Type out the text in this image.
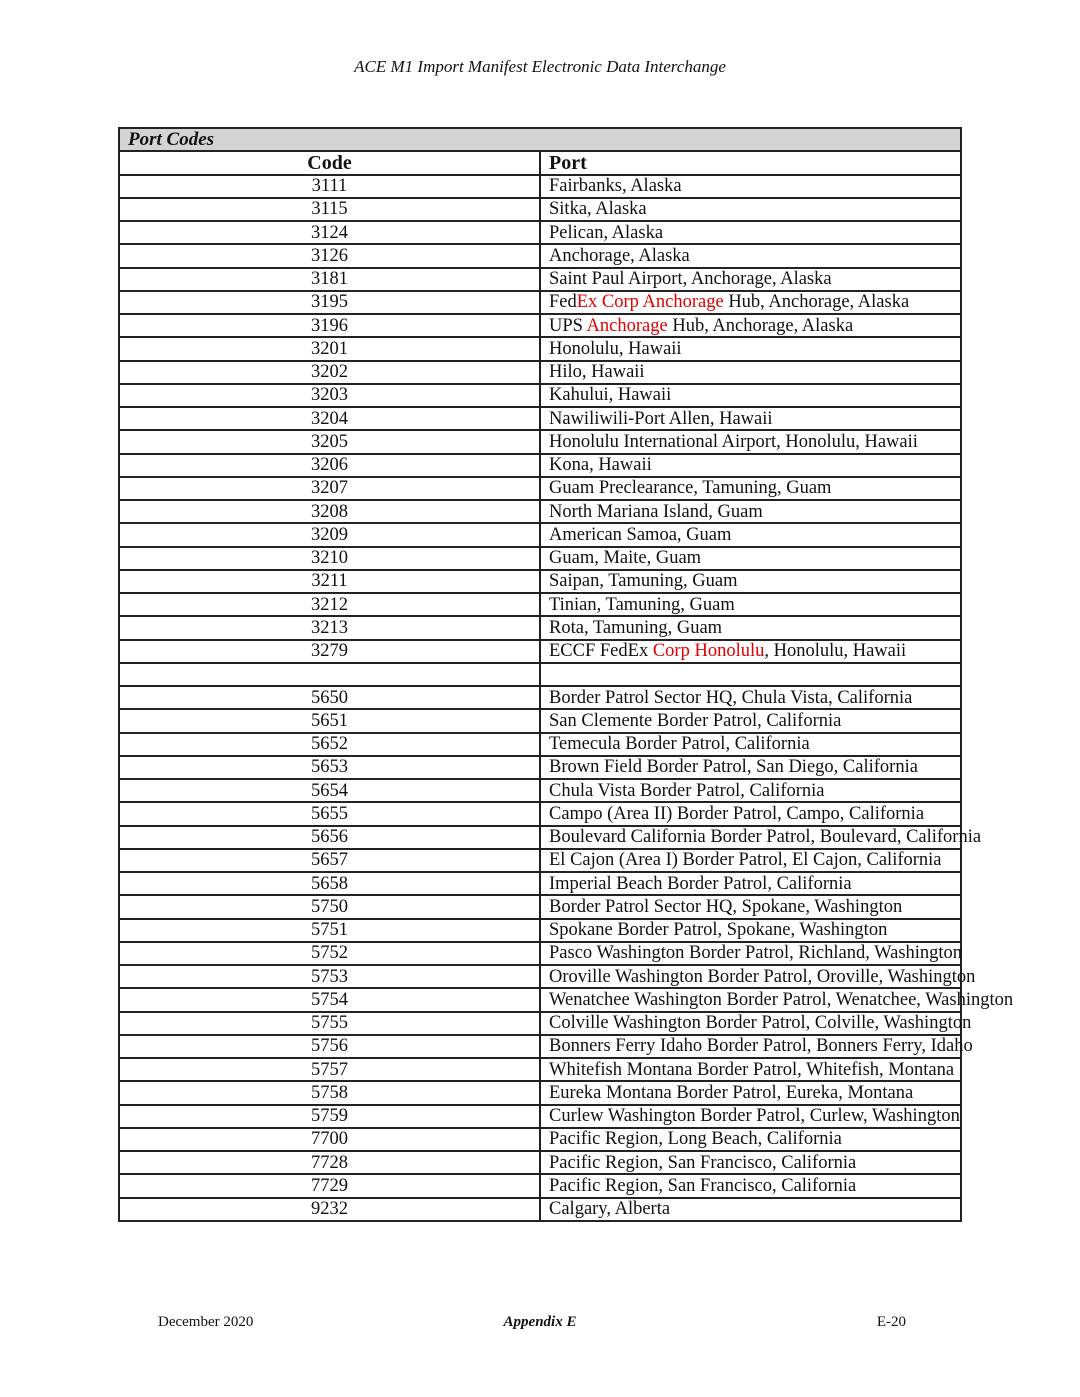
ACE M1 Import Manifest Electronic Data Interchange
Port Codes	
Code	Port
3111	Fairbanks, Alaska
3115	Sitka, Alaska
3124	Pelican, Alaska
3126	Anchorage, Alaska
3181	Saint Paul Airport, Anchorage, Alaska
3195	FedEx Corp Anchorage Hub, Anchorage, Alaska
3196	UPS Anchorage Hub, Anchorage, Alaska
3201	Honolulu, Hawaii
3202	Hilo, Hawaii
3203	Kahului, Hawaii
3204	Nawiliwili-Port Allen, Hawaii
3205	Honolulu International Airport, Honolulu, Hawaii
3206	Kona, Hawaii
3207	Guam Preclearance, Tamuning, Guam
3208	North Mariana Island, Guam
3209	American Samoa, Guam
3210	Guam, Maite, Guam
3211	Saipan, Tamuning, Guam
3212	Tinian, Tamuning, Guam
3213	Rota, Tamuning, Guam
3279	ECCF FedEx Corp Honolulu, Honolulu, Hawaii

5650	Border Patrol Sector HQ, Chula Vista, California
5651	San Clemente Border Patrol, California
5652	Temecula Border Patrol, California
5653	Brown Field Border Patrol, San Diego, California
5654	Chula Vista Border Patrol, California
5655	Campo (Area II) Border Patrol, Campo, California
5656	Boulevard California Border Patrol, Boulevard, California
5657	El Cajon (Area I) Border Patrol, El Cajon, California
5658	Imperial Beach Border Patrol, California
5750	Border Patrol Sector HQ, Spokane, Washington
5751	Spokane Border Patrol, Spokane, Washington
5752	Pasco Washington Border Patrol, Richland, Washington
5753	Oroville Washington Border Patrol, Oroville, Washington
5754	Wenatchee Washington Border Patrol, Wenatchee, Washington
5755	Colville Washington Border Patrol, Colville, Washington
5756	Bonners Ferry Idaho Border Patrol, Bonners Ferry, Idaho
5757	Whitefish Montana Border Patrol, Whitefish, Montana
5758	Eureka Montana Border Patrol, Eureka, Montana
5759	Curlew Washington Border Patrol, Curlew, Washington
7700	Pacific Region, Long Beach, California
7728	Pacific Region, San Francisco, California
7729	Pacific Region, San Francisco, California
9232	Calgary, Alberta
December 2020	Appendix E	E-20
